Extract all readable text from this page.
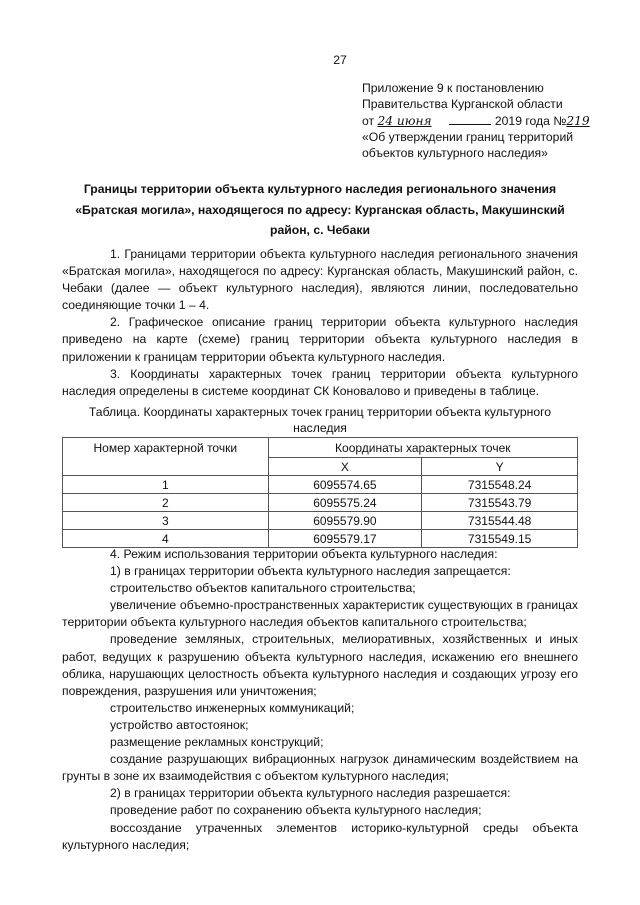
27
Приложение 9 к постановлению
Правительства Курганской области
от 24 июня	2019 года №219
«Об утверждении границ территорий
объектов культурного наследия»
Границы территории объекта культурного наследия регионального значения «Братская могила», находящегося по адресу: Курганская область, Макушинский район, с. Чебаки

1. Границами территории объекта культурного наследия регионального значения «Братская могила», находящегося по адресу: Курганская область, Макушинский район, с. Чебаки (далее — объект культурного наследия), являются линии, последовательно соединяющие точки 1 – 4.

2. Графическое описание границ территории объекта культурного наследия приведено на карте (схеме) границ территории объекта культурного наследия в приложении к границам территории объекта культурного наследия.

3. Координаты характерных точек границ территории объекта культурного наследия определены в системе координат СК Коновалово и приведены в таблице.

Таблица. Координаты характерных точек границ территории объекта культурного наследия
Номер характерной точки	Координаты характерных точек	
	X	Y
1	6095574.65	7315548.24
2	6095575.24	7315543.79
3	6095579.90	7315544.48
4	6095579.17	7315549.15

4. Режим использования территории объекта культурного наследия:

1) в границах территории объекта культурного наследия запрещается:

строительство объектов капитального строительства;

увеличение объемно-пространственных характеристик существующих в границах территории объекта культурного наследия объектов капитального строительства;

проведение земляных, строительных, мелиоративных, хозяйственных и иных работ, ведущих к разрушению объекта культурного наследия, искажению его внешнего облика, нарушающих целостность объекта культурного наследия и создающих угрозу его повреждения, разрушения или уничтожения;

строительство инженерных коммуникаций;

устройство автостоянок;

размещение рекламных конструкций;

создание разрушающих вибрационных нагрузок динамическим воздействием на грунты в зоне их взаимодействия с объектом культурного наследия;

2) в границах территории объекта культурного наследия разрешается:

проведение работ по сохранению объекта культурного наследия;

воссоздание утраченных элементов историко-культурной среды объекта культурного наследия;
